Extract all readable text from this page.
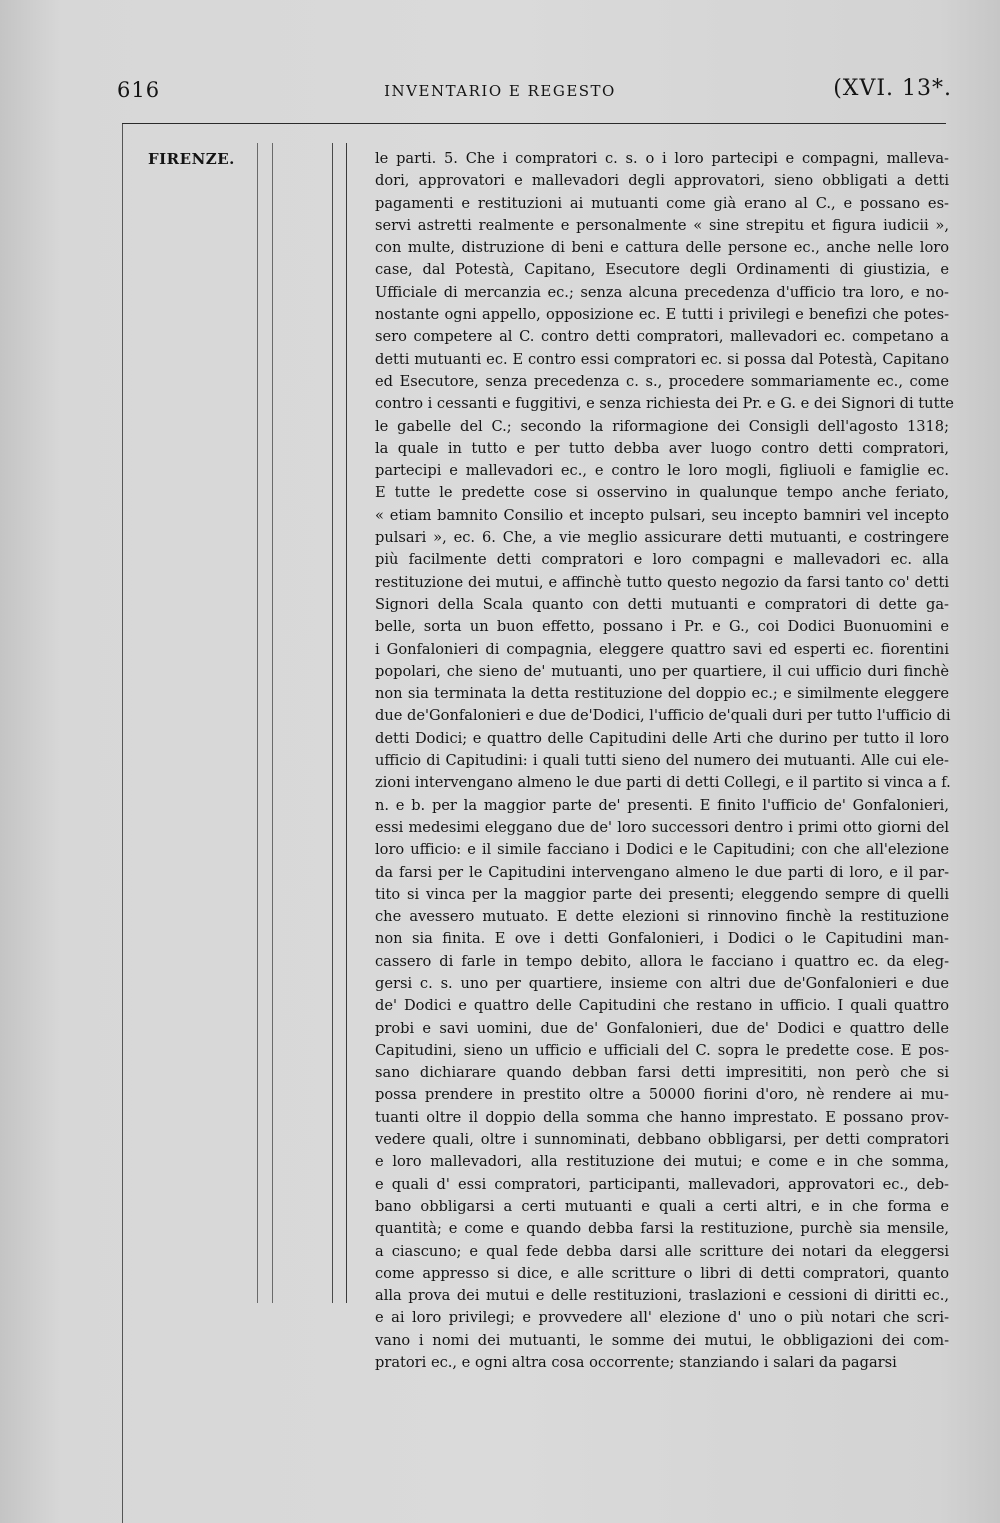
616	INVENTARIO E REGESTO	(XVI. 13*.
FIRENZE.	le parti. 5. Che i compratori c. s. o i loro partecipi e compagni, malleva-
dori, approvatori e mallevadori degli approvatori, sieno obbligati a detti
pagamenti e restituzioni ai mutuanti come già erano al C., e possano es-
servi astretti realmente e personalmente « sine strepitu et figura iudicii »,
con multe, distruzione di beni e cattura delle persone ec., anche nelle loro
case, dal Potestà, Capitano, Esecutore degli Ordinamenti di giustizia, e
Ufficiale di mercanzia ec.; senza alcuna precedenza d'ufficio tra loro, e no-
nostante ogni appello, opposizione ec. E tutti i privilegi e benefizi che potes-
sero competere al C. contro detti compratori, mallevadori ec. competano a
detti mutuanti ec. E contro essi compratori ec. si possa dal Potestà, Capitano
ed Esecutore, senza precedenza c. s., procedere sommariamente ec., come
contro i cessanti e fuggitivi, e senza richiesta dei Pr. e G. e dei Signori di tutte
le gabelle del C.; secondo la riformagione dei Consigli dell'agosto 1318;
la quale in tutto e per tutto debba aver luogo contro detti compratori,
partecipi e mallevadori ec., e contro le loro mogli, figliuoli e famiglie ec.
E tutte le predette cose si osservino in qualunque tempo anche feriato,
« etiam bamnito Consilio et incepto pulsari, seu incepto bamniri vel incepto
pulsari », ec. 6. Che, a vie meglio assicurare detti mutuanti, e costringere
più facilmente detti compratori e loro compagni e mallevadori ec. alla
restituzione dei mutui, e affinchè tutto questo negozio da farsi tanto co' detti
Signori della Scala quanto con detti mutuanti e compratori di dette ga-
belle, sorta un buon effetto, possano i Pr. e G., coi Dodici Buonuomini e
i Gonfalonieri di compagnia, eleggere quattro savi ed esperti ec. fiorentini
popolari, che sieno de' mutuanti, uno per quartiere, il cui ufficio duri finchè
non sia terminata la detta restituzione del doppio ec.; e similmente eleggere
due de'Gonfalonieri e due de'Dodici, l'ufficio de'quali duri per tutto l'ufficio di
detti Dodici; e quattro delle Capitudini delle Arti che durino per tutto il loro
ufficio di Capitudini: i quali tutti sieno del numero dei mutuanti. Alle cui ele-
zioni intervengano almeno le due parti di detti Collegi, e il partito si vinca a f.
n. e b. per la maggior parte de' presenti. E finito l'ufficio de' Gonfalonieri,
essi medesimi eleggano due de' loro successori dentro i primi otto giorni del
loro ufficio: e il simile facciano i Dodici e le Capitudini; con che all'elezione
da farsi per le Capitudini intervengano almeno le due parti di loro, e il par-
tito si vinca per la maggior parte dei presenti; eleggendo sempre di quelli
che avessero mutuato. E dette elezioni si rinnovino finchè la restituzione
non sia finita. E ove i detti Gonfalonieri, i Dodici o le Capitudini man-
cassero di farle in tempo debito, allora le facciano i quattro ec. da eleg-
gersi c. s. uno per quartiere, insieme con altri due de'Gonfalonieri e due
de' Dodici e quattro delle Capitudini che restano in ufficio. I quali quattro
probi e savi uomini, due de' Gonfalonieri, due de' Dodici e quattro delle
Capitudini, sieno un ufficio e ufficiali del C. sopra le predette cose. E pos-
sano dichiarare quando debban farsi detti impresititi, non però che si
possa prendere in prestito oltre a 50000 fiorini d'oro, nè rendere ai mu-
tuanti oltre il doppio della somma che hanno imprestato. E possano prov-
vedere quali, oltre i sunnominati, debbano obbligarsi, per detti compratori
e loro mallevadori, alla restituzione dei mutui; e come e in che somma,
e quali d' essi compratori, participanti, mallevadori, approvatori ec., deb-
bano obbligarsi a certi mutuanti e quali a certi altri, e in che forma e
quantità; e come e quando debba farsi la restituzione, purchè sia mensile,
a ciascuno; e qual fede debba darsi alle scritture dei notari da eleggersi
come appresso si dice, e alle scritture o libri di detti compratori, quanto
alla prova dei mutui e delle restituzioni, traslazioni e cessioni di diritti ec.,
e ai loro privilegi; e provvedere all' elezione d' uno o più notari che scri-
vano i nomi dei mutuanti, le somme dei mutui, le obbligazioni dei com-
pratori ec., e ogni altra cosa occorrente; stanziando i salari da pagarsi
